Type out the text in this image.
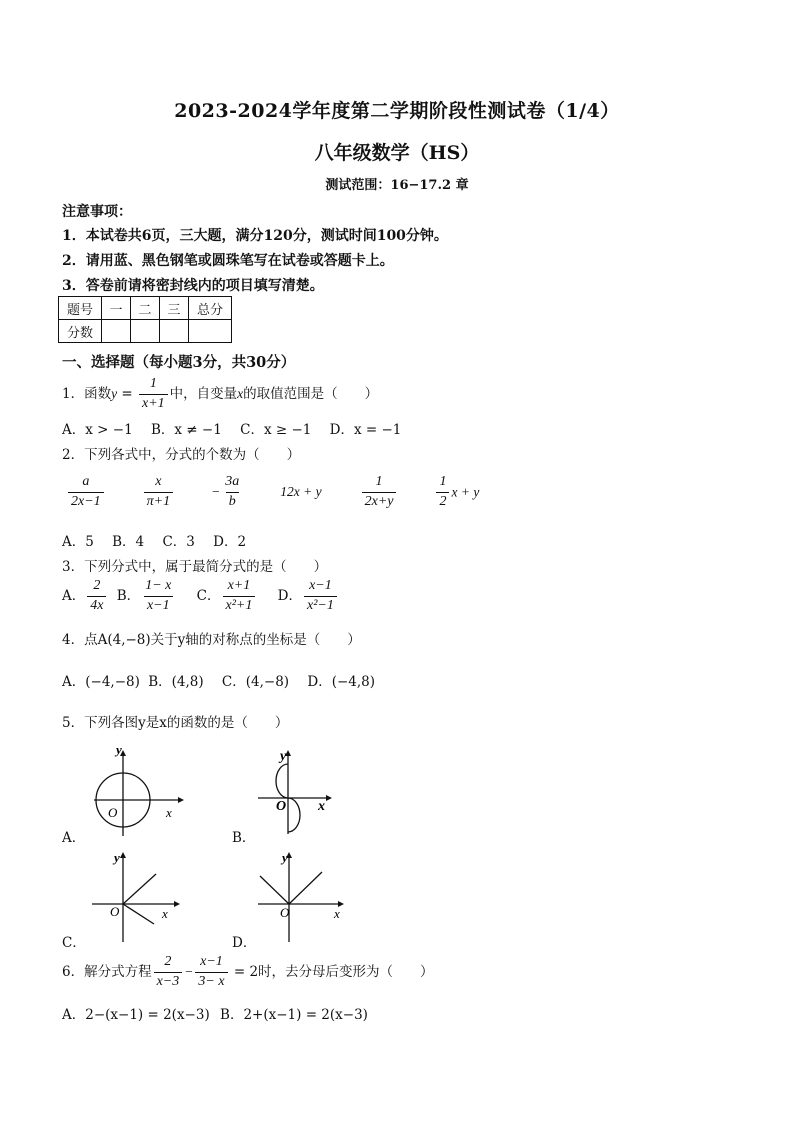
2023-2024学年度第二学期阶段性测试卷（1/4）
八年级数学（HS）
测试范围：16−17.2 章
注意事项：
1．本试卷共6页，三大题，满分120分，测试时间100分钟。
2．请用蓝、黑色钢笔或圆珠笔写在试卷或答题卡上。
3．答卷前请将密封线内的项目填写清楚。
题号	一	二	三	总分
分数				
一、选择题（每小题3分，共30分）
1．函数$y = \frac{1}{x+1}$ 中，自变量x的取值范围是（　　）
A．x > −1 B．x ≠ −1 C．x ≥ −1 D．x = −1
2．下列各式中，分式的个数为（　　）
$\frac{a}{2x-1}$	$\frac{x}{\pi+1}$	− $\frac{3a}{b}$	12x + y	$\frac{1}{2x+y}$	$\frac{1}{2}$ x + y
A．5 B．4 C．3 D．2
3．下列分式中，属于最简分式的是（　　）
A． $\frac{2}{4x}$ B． $\frac{1- x}{x-1}$ C． $\frac{x+1}{\text{x²+1}}$ D． $\frac{x-1}{\text{x²−1}}$
4．点A(4,−8)关于y轴的对称点的坐标是（　　）
A．(−4,−8) B．(4,8) C．(4,−8) D．(−4,8)
5．下列各图y是x的函数的是（　　）
y
O	x
A．
y
O x
B．
y
O	x
C．
y
O	x
D．
6．解分式方程 $\frac{2}{x-3} - \frac{x-1}{3- x} = 2$时，去分母后变形为（　　）
A．2−(x−1) = 2(x−3) B．2+(x−1) = 2(x−3)
